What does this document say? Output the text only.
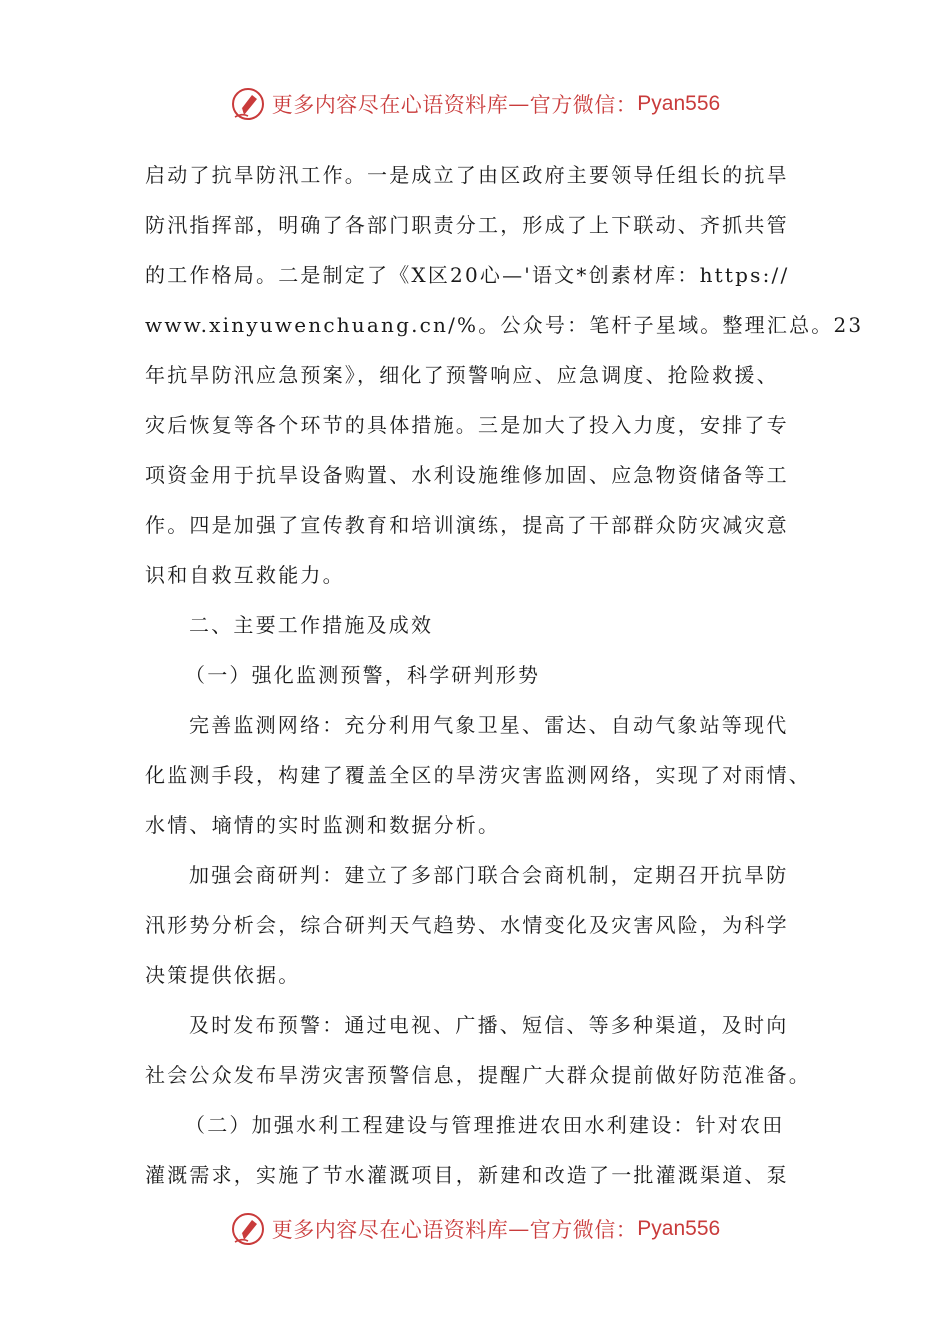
更多内容尽在心语资料库 — 官方微信： Pyan556
启动了抗旱防汛工作。一是成立了由区政府主要领导任组长的抗旱
防汛指挥部，明确了各部门职责分工，形成了上下联动、齐抓共管
的工作格局。二是制定了《X区20心—'语文*创素材库：https://
www.xinyuwenchuang.cn/%。公众号：笔杆子星域。整理汇总。23
年抗旱防汛应急预案》，细化了预警响应、应急调度、抢险救援、
灾后恢复等各个环节的具体措施。三是加大了投入力度，安排了专
项资金用于抗旱设备购置、水利设施维修加固、应急物资储备等工
作。四是加强了宣传教育和培训演练，提高了干部群众防灾减灾意
识和自救互救能力。
二、主要工作措施及成效
（一）强化监测预警，科学研判形势
完善监测网络：充分利用气象卫星、雷达、自动气象站等现代
化监测手段，构建了覆盖全区的旱涝灾害监测网络，实现了对雨情、
水情、墒情的实时监测和数据分析。
加强会商研判：建立了多部门联合会商机制，定期召开抗旱防
汛形势分析会，综合研判天气趋势、水情变化及灾害风险，为科学
决策提供依据。
及时发布预警：通过电视、广播、短信、等多种渠道，及时向
社会公众发布旱涝灾害预警信息，提醒广大群众提前做好防范准备。
（二）加强水利工程建设与管理推进农田水利建设：针对农田
灌溉需求，实施了节水灌溉项目，新建和改造了一批灌溉渠道、泵
更多内容尽在心语资料库 — 官方微信： Pyan556
